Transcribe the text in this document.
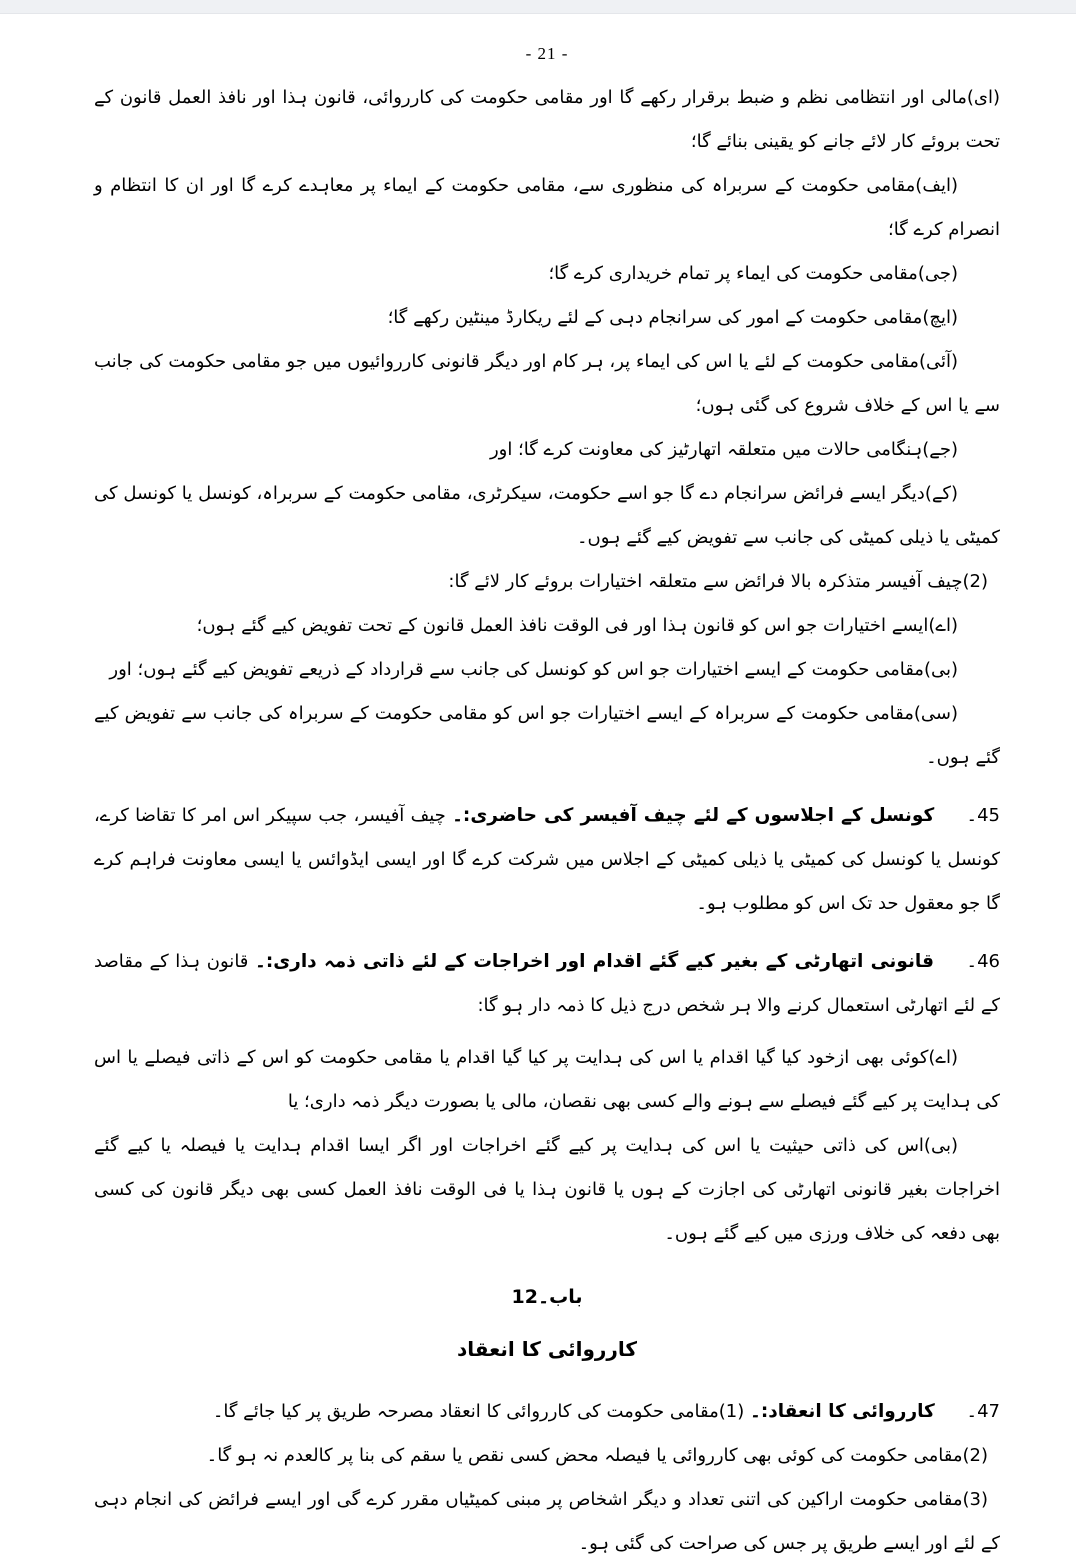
- 21 -

(ای)مالی اور انتظامی نظم و ضبط برقرار رکھے گا اور مقامی حکومت کی کارروائی، قانون ہذا اور نافذ العمل قانون کے تحت بروئے کار لائے جانے کو یقینی بنائے گا؛

(ایف)مقامی حکومت کے سربراہ کی منظوری سے، مقامی حکومت کے ایماء پر معاہدے کرے گا اور ان کا انتظام و انصرام کرے گا؛

(جی)مقامی حکومت کی ایماء پر تمام خریداری کرے گا؛

(ایچ)مقامی حکومت کے امور کی سرانجام دہی کے لئے ریکارڈ مینٹین رکھے گا؛

(آئی)مقامی حکومت کے لئے یا اس کی ایماء پر، ہر کام اور دیگر قانونی کارروائیوں میں جو مقامی حکومت کی جانب سے یا اس کے خلاف شروع کی گئی ہوں؛

(جے)ہنگامی حالات میں متعلقہ اتھارٹیز کی معاونت کرے گا؛ اور

(کے)دیگر ایسے فرائض سرانجام دے گا جو اسے حکومت، سیکرٹری، مقامی حکومت کے سربراہ، کونسل یا کونسل کی کمیٹی یا ذیلی کمیٹی کی جانب سے تفویض کیے گئے ہوں۔

(2)چیف آفیسر متذکرہ بالا فرائض سے متعلقہ اختیارات بروئے کار لائے گا:

(اے)ایسے اختیارات جو اس کو قانون ہذا اور فی الوقت نافذ العمل قانون کے تحت تفویض کیے گئے ہوں؛

(بی)مقامی حکومت کے ایسے اختیارات جو اس کو کونسل کی جانب سے قرارداد کے ذریعے تفویض کیے گئے ہوں؛ اور

(سی)مقامی حکومت کے سربراہ کے ایسے اختیارات جو اس کو مقامی حکومت کے سربراہ کی جانب سے تفویض کیے گئے ہوں۔

45۔ کونسل کے اجلاسوں کے لئے چیف آفیسر کی حاضری:۔ چیف آفیسر، جب سپیکر اس امر کا تقاضا کرے، کونسل یا کونسل کی کمیٹی یا ذیلی کمیٹی کے اجلاس میں شرکت کرے گا اور ایسی ایڈوائس یا ایسی معاونت فراہم کرے گا جو معقول حد تک اس کو مطلوب ہو۔

46۔ قانونی اتھارٹی کے بغیر کیے گئے اقدام اور اخراجات کے لئے ذاتی ذمہ داری:۔ قانون ہذا کے مقاصد کے لئے اتھارٹی استعمال کرنے والا ہر شخص درج ذیل کا ذمہ دار ہو گا:

(اے)کوئی بھی ازخود کیا گیا اقدام یا اس کی ہدایت پر کیا گیا اقدام یا مقامی حکومت کو اس کے ذاتی فیصلے یا اس کی ہدایت پر کیے گئے فیصلے سے ہونے والے کسی بھی نقصان، مالی یا بصورت دیگر ذمہ داری؛ یا

(بی)اس کی ذاتی حیثیت یا اس کی ہدایت پر کیے گئے اخراجات اور اگر ایسا اقدام ہدایت یا فیصلہ یا کیے گئے اخراجات بغیر قانونی اتھارٹی کی اجازت کے ہوں یا قانون ہذا یا فی الوقت نافذ العمل کسی بھی دیگر قانون کی کسی بھی دفعہ کی خلاف ورزی میں کیے گئے ہوں۔

باب۔12

کارروائی کا انعقاد

47۔ کارروائی کا انعقاد:۔ (1)مقامی حکومت کی کارروائی کا انعقاد مصرحہ طریق پر کیا جائے گا۔

(2)مقامی حکومت کی کوئی بھی کارروائی یا فیصلہ محض کسی نقص یا سقم کی بنا پر کالعدم نہ ہو گا۔

(3)مقامی حکومت اراکین کی اتنی تعداد و دیگر اشخاص پر مبنی کمیٹیاں مقرر کرے گی اور ایسے فرائض کی انجام دہی کے لئے اور ایسے طریق پر جس کی صراحت کی گئی ہو۔
